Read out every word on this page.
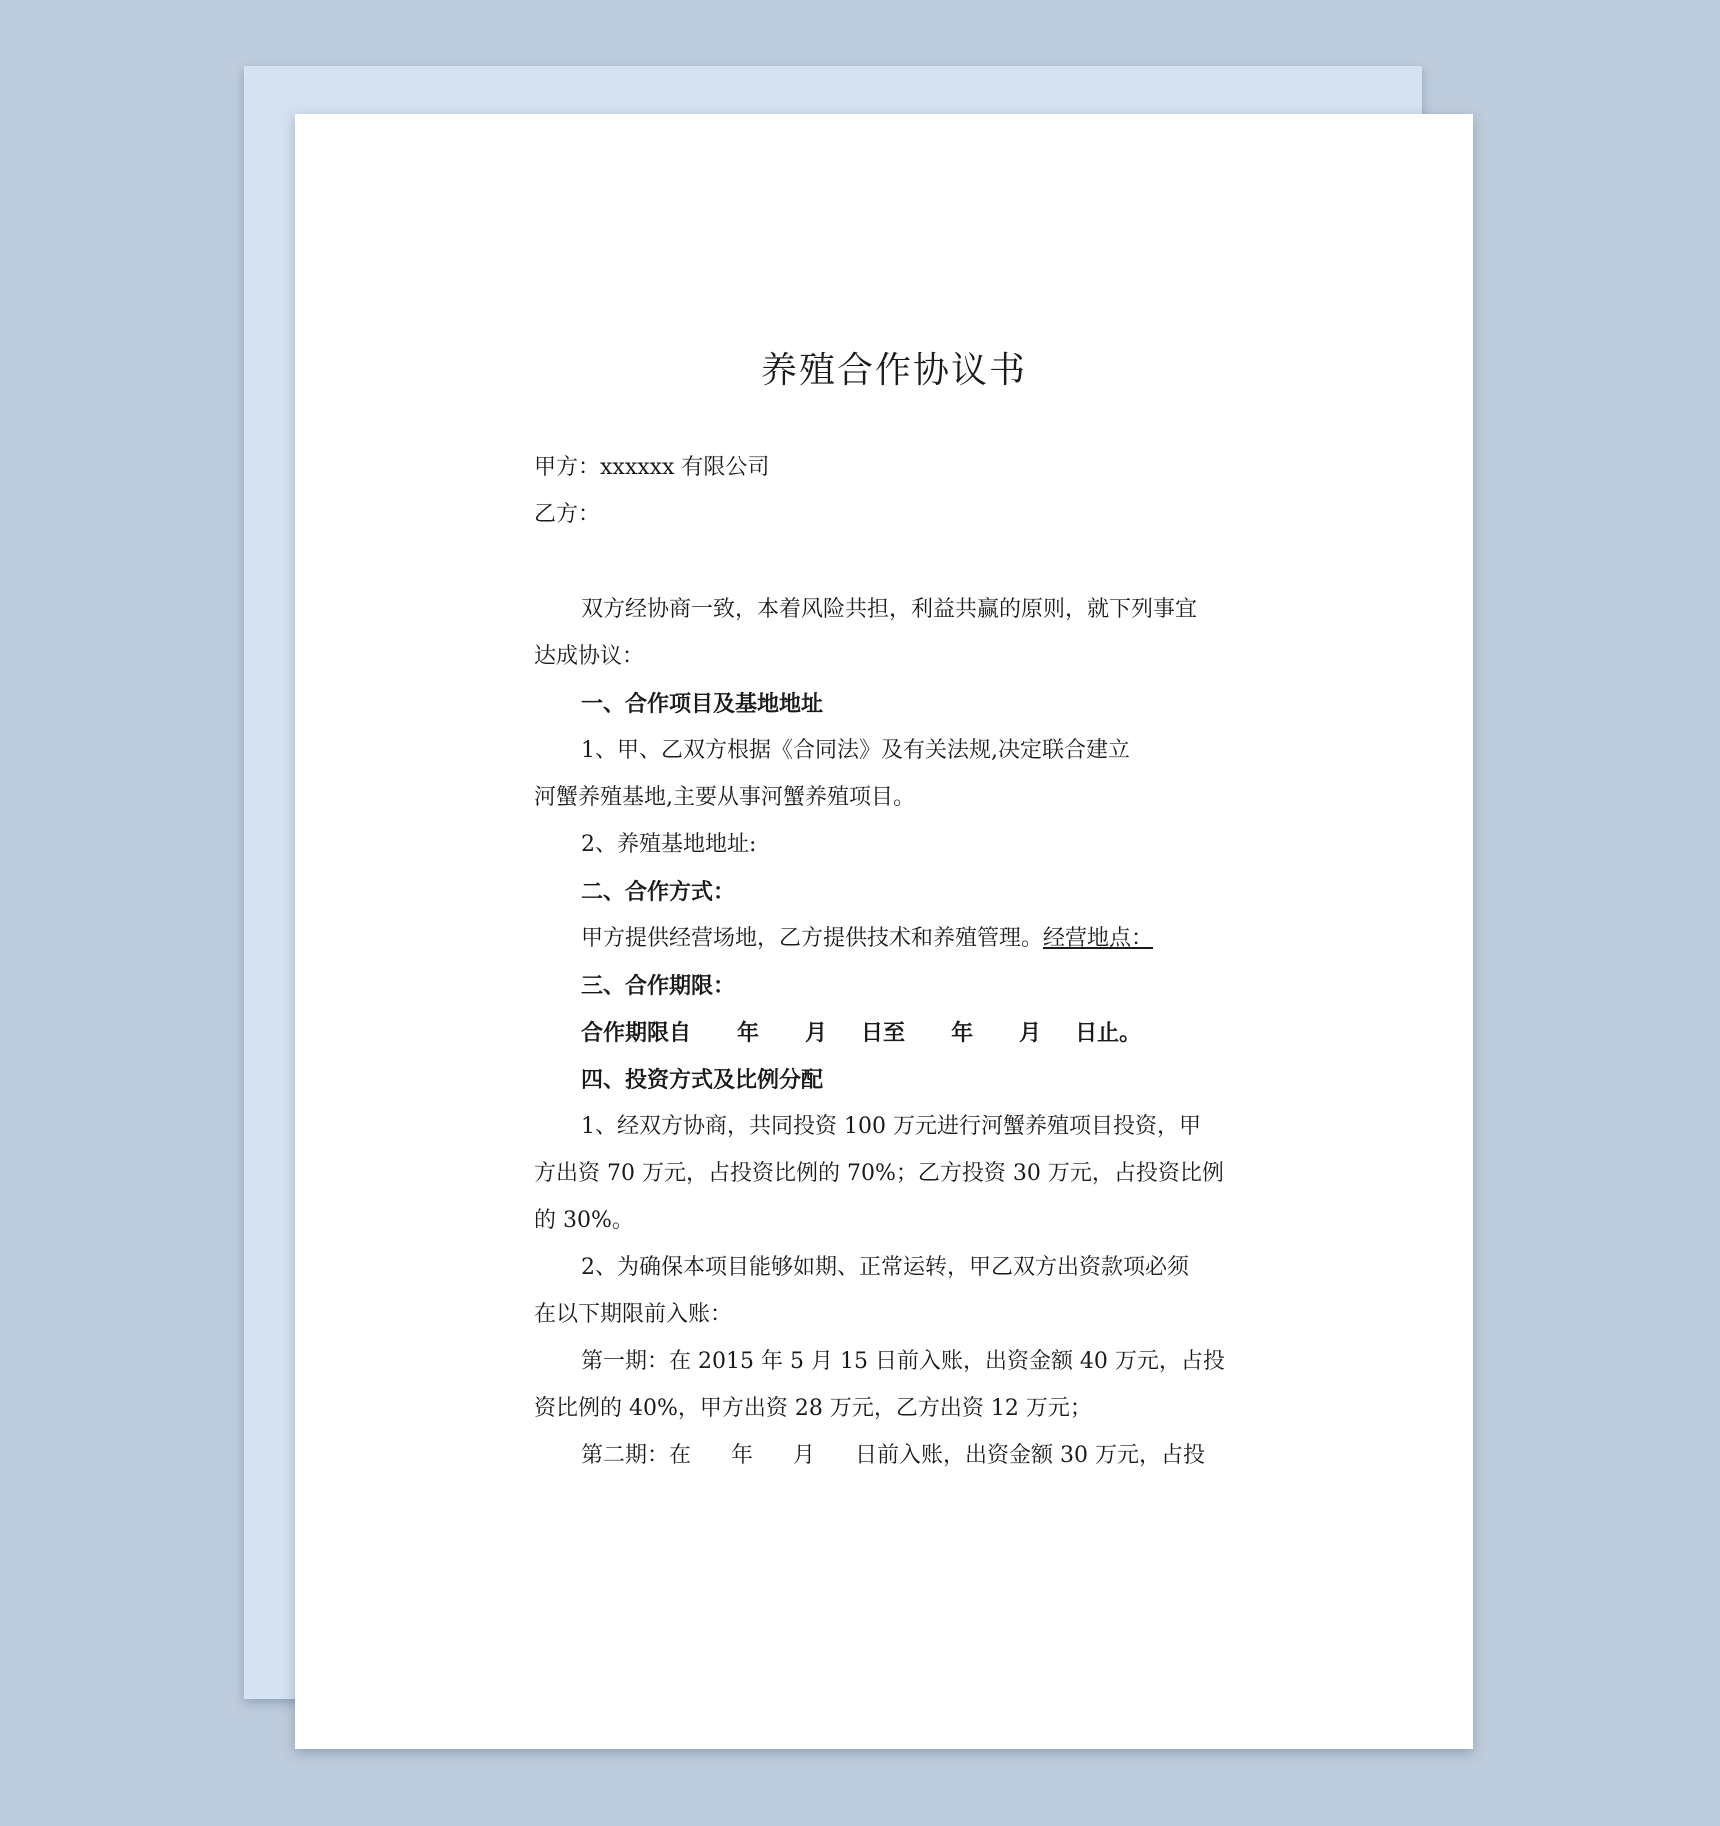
养殖合作协议书
甲方：xxxxxx 有限公司
乙方：
双方经协商一致，本着风险共担，利益共赢的原则，就下列事宜
达成协议：
一、合作项目及基地地址
1、甲、乙双方根据《合同法》及有关法规,决定联合建立
河蟹养殖基地,主要从事河蟹养殖项目。
2、养殖基地地址:
二、合作方式：
甲方提供经营场地，乙方提供技术和养殖管理。经营地点：
三、合作期限：
合作期限自 年 月 日至 年 月 日止。
四、投资方式及比例分配
1、经双方协商，共同投资 100 万元进行河蟹养殖项目投资，甲
方出资 70 万元，占投资比例的 70%；乙方投资 30 万元，占投资比例
的 30%。
2、为确保本项目能够如期、正常运转，甲乙双方出资款项必须
在以下期限前入账：
第一期：在 2015 年 5 月 15 日前入账，出资金额 40 万元，占投
资比例的 40%，甲方出资 28 万元，乙方出资 12 万元；
第二期：在 年 月 日前入账，出资金额 30 万元，占投
